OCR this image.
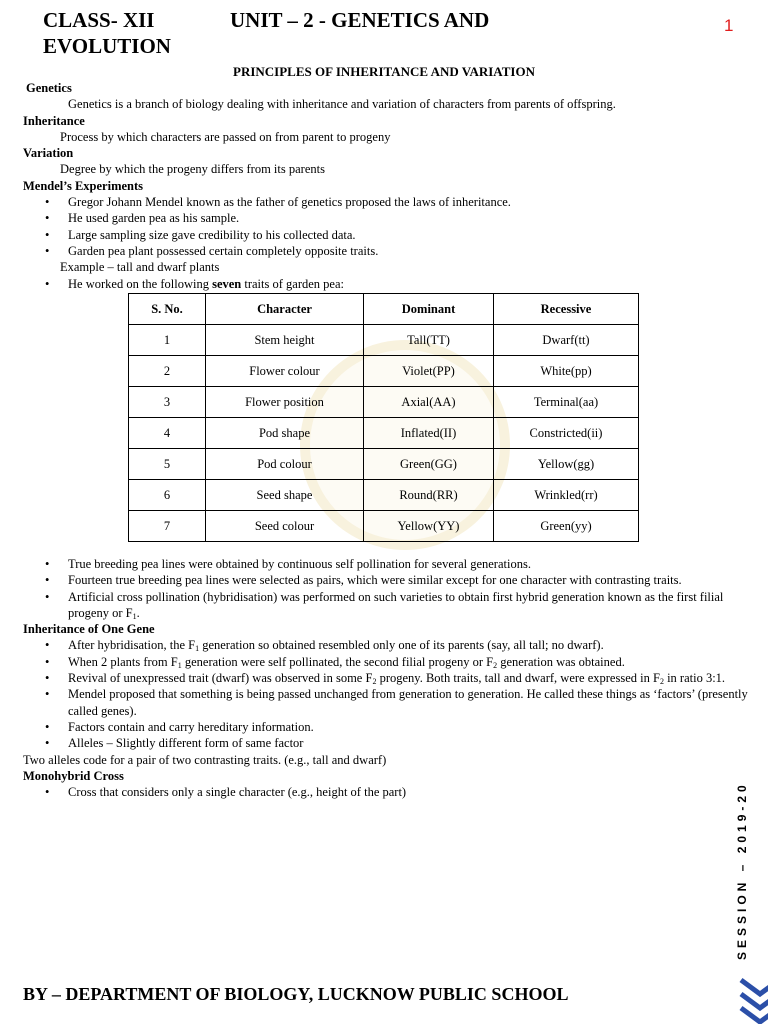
CLASS- XII	UNIT – 2 - GENETICS AND
EVOLUTION
1
PRINCIPLES OF INHERITANCE AND VARIATION
Genetics
Genetics is a branch of biology dealing with inheritance and variation of characters from parents of offspring.
Inheritance
Process by which characters are passed on from parent to progeny
Variation
Degree by which the progeny differs from its parents
Mendel’s Experiments
• Gregor Johann Mendel known as the father of genetics proposed the laws of inheritance.
• He used garden pea as his sample.
• Large sampling size gave credibility to his collected data.
• Garden pea plant possessed certain completely opposite traits.
Example – tall and dwarf plants
• He worked on the following seven traits of garden pea:
S. No.	Character	Dominant	Recessive
1	Stem height	Tall(TT)	Dwarf(tt)
2	Flower colour	Violet(PP)	White(pp)
3	Flower position	Axial(AA)	Terminal(aa)
4	Pod shape	Inflated(II)	Constricted(ii)
5	Pod colour	Green(GG)	Yellow(gg)
6	Seed shape	Round(RR)	Wrinkled(rr)
7	Seed colour	Yellow(YY)	Green(yy)
• True breeding pea lines were obtained by continuous self pollination for several generations.
• Fourteen true breeding pea lines were selected as pairs, which were similar except for one character with contrasting traits.
• Artificial cross pollination (hybridisation) was performed on such varieties to obtain first hybrid generation known as the first filial progeny or $F_1$.
Inheritance of One Gene
• After hybridisation, the $F_1$ generation so obtained resembled only one of its parents (say, all tall; no dwarf).
• When 2 plants from $F_1$ generation were self pollinated, the second filial progeny or $F_2$ generation was obtained.
• Revival of unexpressed trait (dwarf) was observed in some $F_2$ progeny. Both traits, tall and dwarf, were expressed in $F_2$ in ratio 3:1.
• Mendel proposed that something is being passed unchanged from generation to generation. He called these things as ‘factors’ (presently called genes).
• Factors contain and carry hereditary information.
• Alleles – Slightly different form of same factor
Two alleles code for a pair of two contrasting traits. (e.g., tall and dwarf)
Monohybrid Cross
• Cross that considers only a single character (e.g., height of the part)
BY – DEPARTMENT OF BIOLOGY, LUCKNOW PUBLIC SCHOOL
SESSION – 2019-20
